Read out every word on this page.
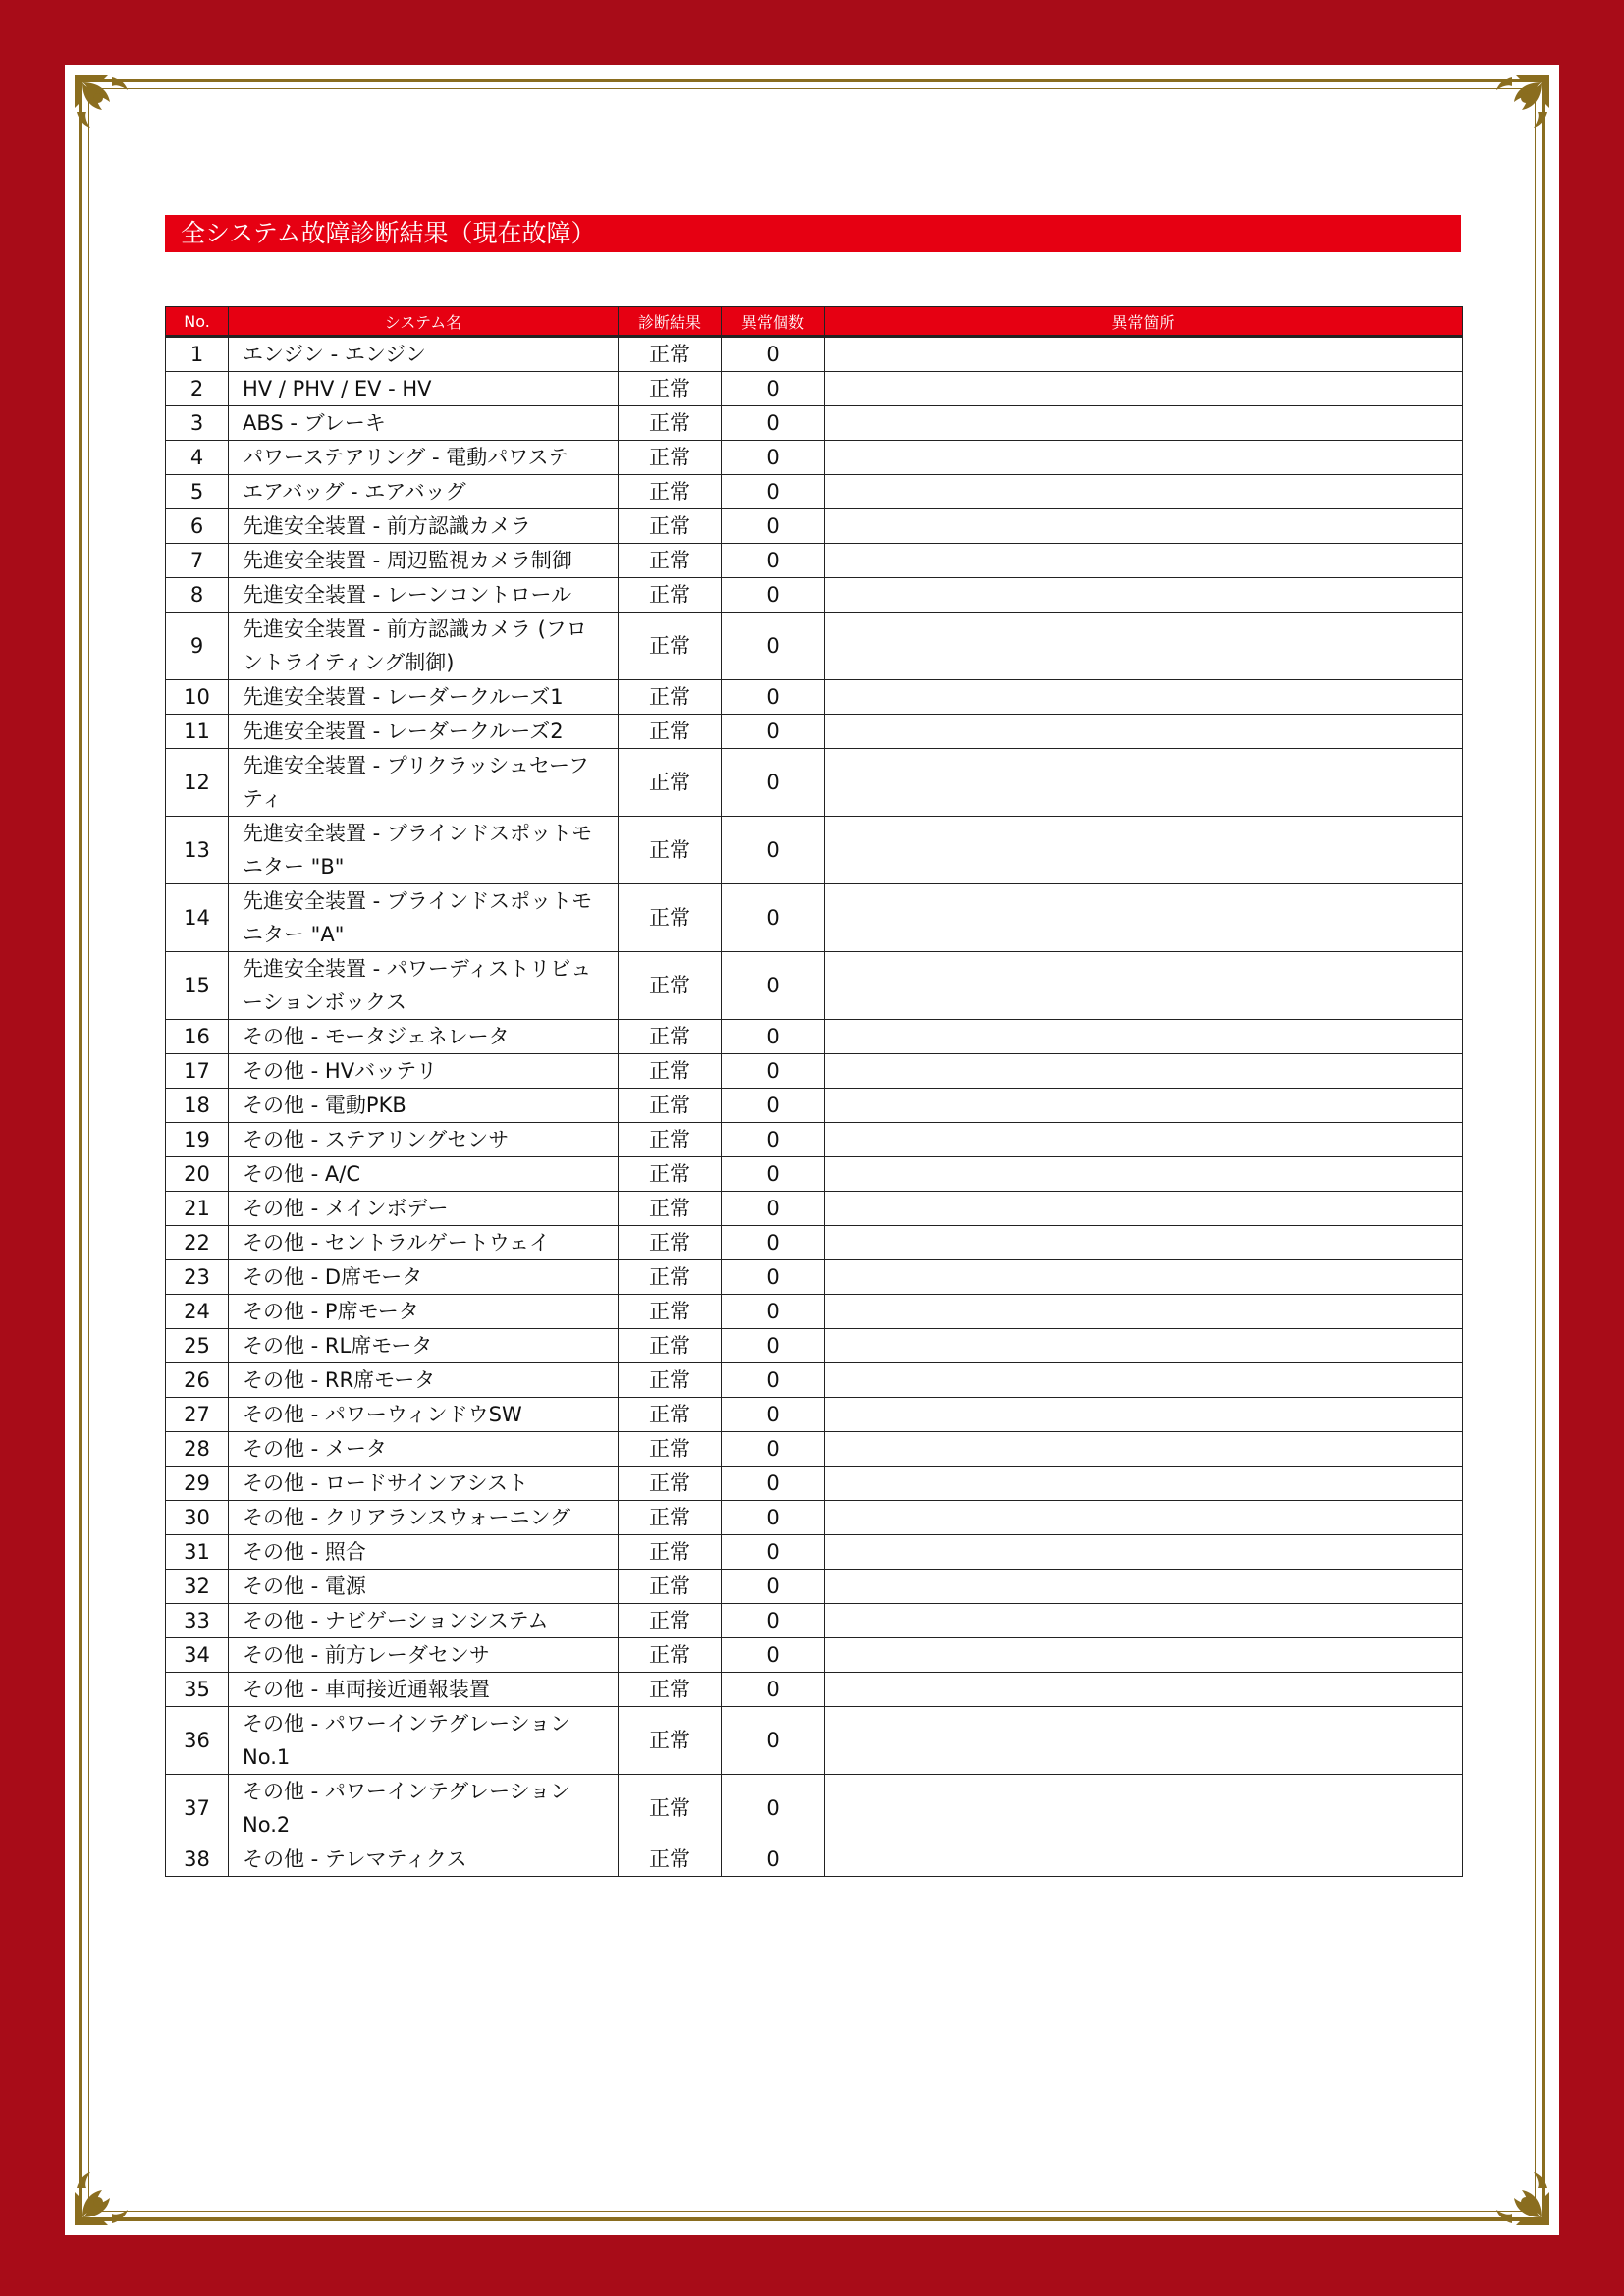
全システム故障診断結果（現在故障）
No.	システム名	診断結果	異常個数	異常箇所
1	エンジン - エンジン	正常	0	
2	HV / PHV / EV - HV	正常	0	
3	ABS - ブレーキ	正常	0	
4	パワーステアリング - 電動パワステ	正常	0	
5	エアバッグ - エアバッグ	正常	0	
6	先進安全装置 - 前方認識カメラ	正常	0	
7	先進安全装置 - 周辺監視カメラ制御	正常	0	
8	先進安全装置 - レーンコントロール	正常	0	
9	先進安全装置 - 前方認識カメラ (フロントライティング制御)	正常	0	
10	先進安全装置 - レーダークルーズ1	正常	0	
11	先進安全装置 - レーダークルーズ2	正常	0	
12	先進安全装置 - プリクラッシュセーフティ	正常	0	
13	先進安全装置 - ブラインドスポットモニター "B"	正常	0	
14	先進安全装置 - ブラインドスポットモニター "A"	正常	0	
15	先進安全装置 - パワーディストリビューションボックス	正常	0	
16	その他 - モータジェネレータ	正常	0	
17	その他 - HVバッテリ	正常	0	
18	その他 - 電動PKB	正常	0	
19	その他 - ステアリングセンサ	正常	0	
20	その他 - A/C	正常	0	
21	その他 - メインボデー	正常	0	
22	その他 - セントラルゲートウェイ	正常	0	
23	その他 - D席モータ	正常	0	
24	その他 - P席モータ	正常	0	
25	その他 - RL席モータ	正常	0	
26	その他 - RR席モータ	正常	0	
27	その他 - パワーウィンドウSW	正常	0	
28	その他 - メータ	正常	0	
29	その他 - ロードサインアシスト	正常	0	
30	その他 - クリアランスウォーニング	正常	0	
31	その他 - 照合	正常	0	
32	その他 - 電源	正常	0	
33	その他 - ナビゲーションシステム	正常	0	
34	その他 - 前方レーダセンサ	正常	0	
35	その他 - 車両接近通報装置	正常	0	
36	その他 - パワーインテグレーション No.1	正常	0	
37	その他 - パワーインテグレーション No.2	正常	0	
38	その他 - テレマティクス	正常	0	
